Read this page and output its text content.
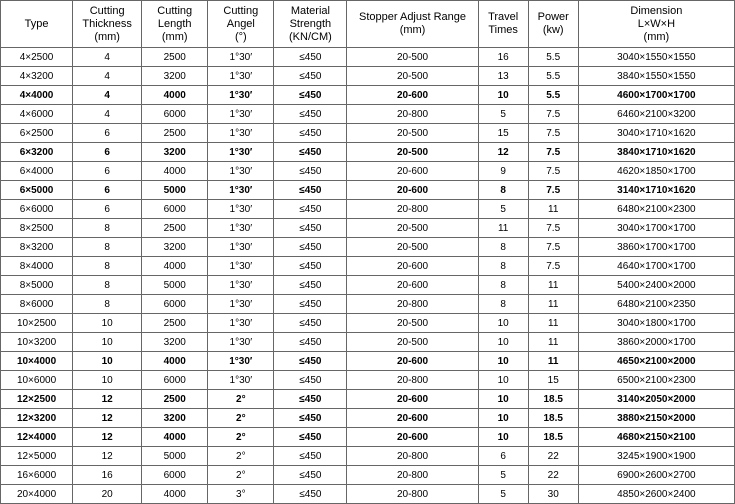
Type	Cutting
Thickness
(mm)	Cutting
Length
(mm)	Cutting
Angel
(°)	Material
Strength
(KN/CM)	Stopper Adjust Range
(mm)	Travel
Times	Power
(kw)	Dimension
L×W×H
(mm)

4×2500	4	2500	1°30′	≤450	20-500	16	5.5	3040×1550×1550
4×3200	4	3200	1°30′	≤450	20-500	13	5.5	3840×1550×1550
4×4000	4	4000	1°30′	≤450	20-600	10	5.5	4600×1700×1700
4×6000	4	6000	1°30′	≤450	20-800	5	7.5	6460×2100×3200
6×2500	6	2500	1°30′	≤450	20-500	15	7.5	3040×1710×1620
6×3200	6	3200	1°30′	≤450	20-500	12	7.5	3840×1710×1620
6×4000	6	4000	1°30′	≤450	20-600	9	7.5	4620×1850×1700
6×5000	6	5000	1°30′	≤450	20-600	8	7.5	3140×1710×1620
6×6000	6	6000	1°30′	≤450	20-800	5	11	6480×2100×2300
8×2500	8	2500	1°30′	≤450	20-500	11	7.5	3040×1700×1700
8×3200	8	3200	1°30′	≤450	20-500	8	7.5	3860×1700×1700
8×4000	8	4000	1°30′	≤450	20-600	8	7.5	4640×1700×1700
8×5000	8	5000	1°30′	≤450	20-600	8	11	5400×2400×2000
8×6000	8	6000	1°30′	≤450	20-800	8	11	6480×2100×2350
10×2500	10	2500	1°30′	≤450	20-500	10	11	3040×1800×1700
10×3200	10	3200	1°30′	≤450	20-500	10	11	3860×2000×1700
10×4000	10	4000	1°30′	≤450	20-600	10	11	4650×2100×2000
10×6000	10	6000	1°30′	≤450	20-800	10	15	6500×2100×2300
12×2500	12	2500	2°	≤450	20-600	10	18.5	3140×2050×2000
12×3200	12	3200	2°	≤450	20-600	10	18.5	3880×2150×2000
12×4000	12	4000	2°	≤450	20-600	10	18.5	4680×2150×2100
12×5000	12	5000	2°	≤450	20-800	6	22	3245×1900×1900
16×6000	16	6000	2°	≤450	20-800	5	22	6900×2600×2700
20×4000	20	4000	3°	≤450	20-800	5	30	4850×2600×2400
